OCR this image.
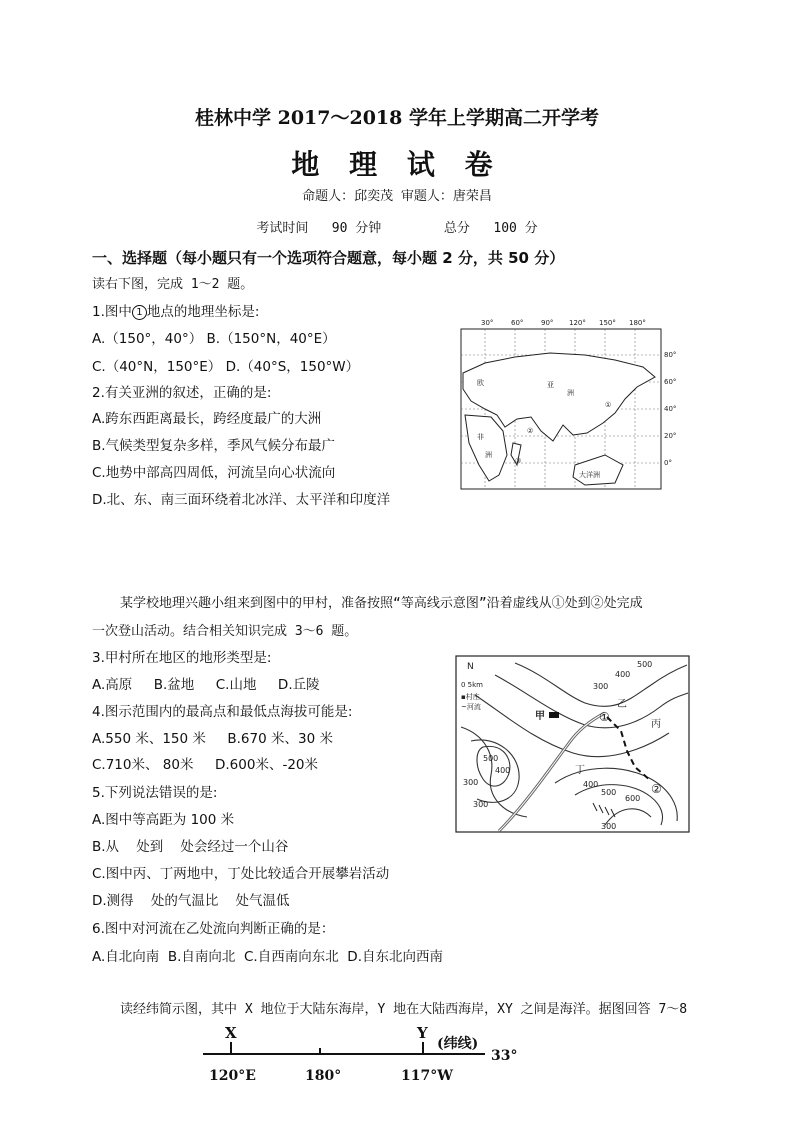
桂林中学 2017～2018 学年上学期高二开学考
地 理 试 卷
命题人：邱奕茂 审题人：唐荣昌
考试时间   90 分钟        总分   100 分
一、选择题（每小题只有一个选项符合题意，每小题 2 分，共 50 分）
读右下图，完成 1～2 题。
1.图中 1 地点的地理坐标是:
A.（150°，40°） B.（150°N，40°E）
C.（40°N，150°E） D.（40°S，150°W）
2.有关亚洲的叙述，正确的是:
A.跨东西距离最长，跨经度最广的大洲
B.气候类型复杂多样，季风气候分布最广
C.地势中部高四周低，河流呈向心状流向
D.北、东、南三面环绕着北冰洋、太平洋和印度洋
30°	60°	90° 120° 150° 180°
80°
60°
40°
20°
0°
欧	亚
洲
非
洲
大洋洲
①
②
③
某学校地理兴趣小组来到图中的甲村，准备按照“等高线示意图”沿着虚线从①处到②处完成
一次登山活动。结合相关知识完成 3～6 题。
3.甲村所在地区的地形类型是:
A.高原     B.盆地     C.山地     D.丘陵
4.图示范围内的最高点和最低点海拔可能是:
A.550 米、150 米     B.670 米、30 米
C.710米、 80米 D.600米、-20米
5.下列说法错误的是:
A.图中等高距为 100 米
B.从    处到    处会经过一个山谷
C.图中丙、丁两地中，丁处比较适合开展攀岩活动
D.测得    处的气温比    处气温低
6.图中对河流在乙处流向判断正确的是：
A.自北向南  B.自南向北  C.自西南向东北  D.自东北向西南
N
0 5km
▪村庄
~河流
500
400
300
300
500
400
300
400
600
500
300
甲
乙
丙
丁
①
②
读经纬简示图，其中 X 地位于大陆东海岸，Y 地在大陆西海岸，XY 之间是海洋。据图回答 7～8
X	Y
(纬线)
33°
120°E	180°	117°W
